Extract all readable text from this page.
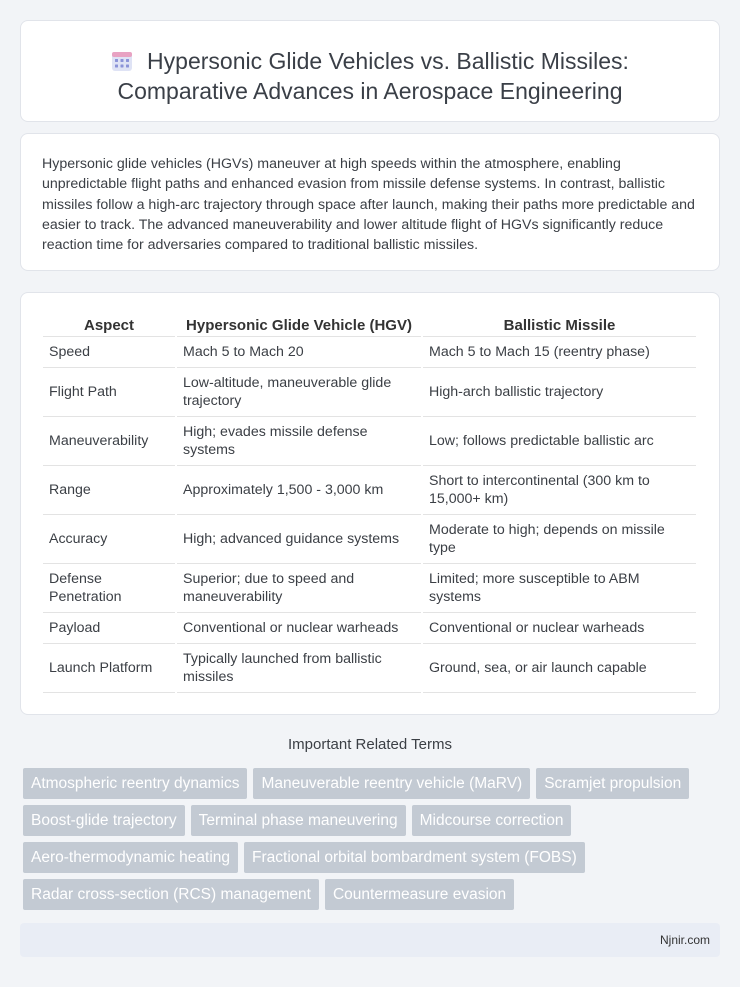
Hypersonic Glide Vehicles vs. Ballistic Missiles:
Comparative Advances in Aerospace Engineering

Hypersonic glide vehicles (HGVs) maneuver at high speeds within the atmosphere, enabling unpredictable flight paths and enhanced evasion from missile defense systems. In contrast, ballistic missiles follow a high-arc trajectory through space after launch, making their paths more predictable and easier to track. The advanced maneuverability and lower altitude flight of HGVs significantly reduce reaction time for adversaries compared to traditional ballistic missiles.

Aspect	Hypersonic Glide Vehicle (HGV)	Ballistic Missile
Speed	Mach 5 to Mach 20	Mach 5 to Mach 15 (reentry phase)
Flight Path	Low-altitude, maneuverable glide trajectory	High-arch ballistic trajectory
Maneuverability	High; evades missile defense systems	Low; follows predictable ballistic arc
Range	Approximately 1,500 - 3,000 km	Short to intercontinental (300 km to 15,000+ km)
Accuracy	High; advanced guidance systems	Moderate to high; depends on missile type
Defense Penetration	Superior; due to speed and maneuverability	Limited; more susceptible to ABM systems
Payload	Conventional or nuclear warheads	Conventional or nuclear warheads
Launch Platform	Typically launched from ballistic missiles	Ground, sea, or air launch capable
Important Related Terms
Atmospheric reentry dynamics	Maneuverable reentry vehicle (MaRV)	Scramjet propulsion
Boost-glide trajectory	Terminal phase maneuvering	Midcourse correction
Aero-thermodynamic heating	Fractional orbital bombardment system (FOBS)
Radar cross-section (RCS) management	Countermeasure evasion
Njnir.com
